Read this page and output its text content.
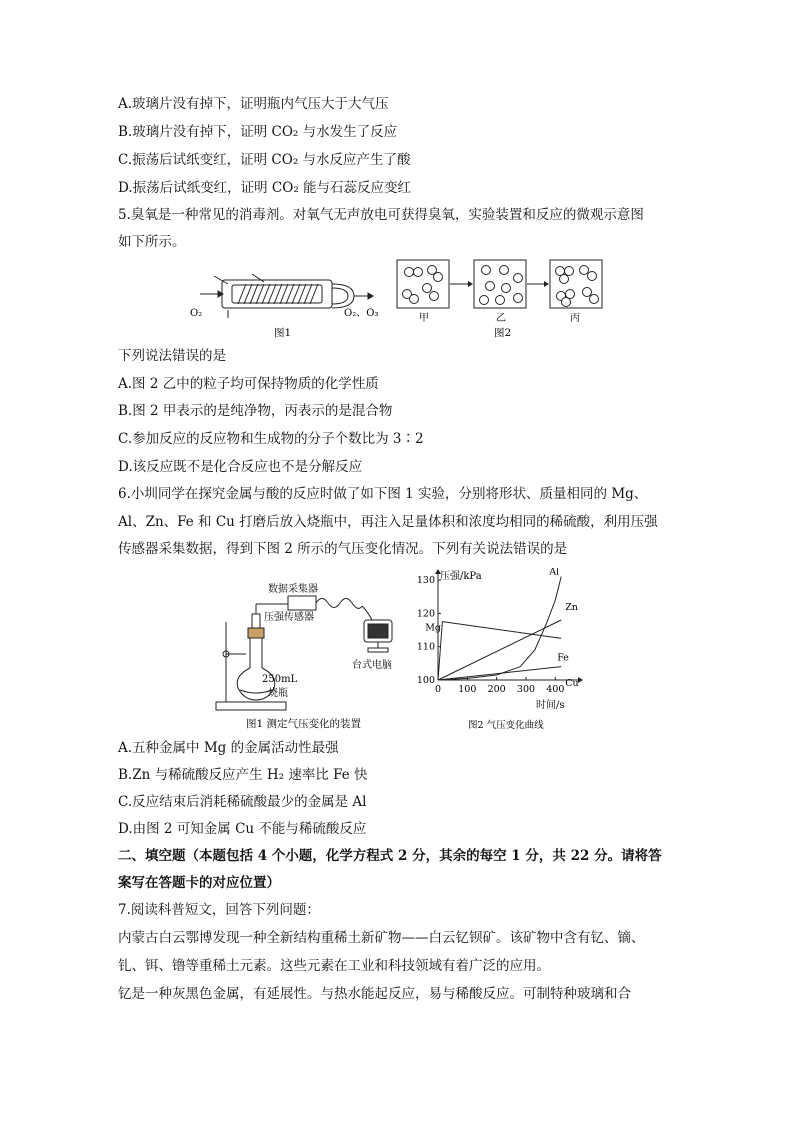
A.玻璃片没有掉下，证明瓶内气压大于大气压
B.玻璃片没有掉下，证明 CO₂ 与水发生了反应
C.振荡后试纸变红，证明 CO₂ 与水反应产生了酸
D.振荡后试纸变红，证明 CO₂ 能与石蕊反应变红
5.臭氧是一种常见的消毒剂。对氧气无声放电可获得臭氧，实验装置和反应的微观示意图
如下所示。
O₂	O₂、O₃
图1
甲	乙	丙
图2
下列说法错误的是
A.图 2 乙中的粒子均可保持物质的化学性质
B.图 2 甲表示的是纯净物，丙表示的是混合物
C.参加反应的反应物和生成物的分子个数比为 3∶2
D.该反应既不是化合反应也不是分解反应
6.小圳同学在探究金属与酸的反应时做了如下图 1 实验，分别将形状、质量相同的 Mg、
Al、Zn、Fe 和 Cu 打磨后放入烧瓶中，再注入足量体积和浓度均相同的稀硫酸，利用压强
传感器采集数据，得到下图 2 所示的气压变化情况。下列有关说法错误的是
数据采集器
压强传感器
台式电脑
250mL
烧瓶
图1 测定气压变化的装置
0 100 200 300 400
100
110
120
130
Al
Zn
Mg
Fe
Cu
压强/kPa
时间/s
图2 气压变化曲线
A.五种金属中 Mg 的金属活动性最强
B.Zn 与稀硫酸反应产生 H₂ 速率比 Fe 快
C.反应结束后消耗稀硫酸最少的金属是 Al
D.由图 2 可知金属 Cu 不能与稀硫酸反应
二、填空题（本题包括 4 个小题，化学方程式 2 分，其余的每空 1 分，共 22 分。请将答
案写在答题卡的对应位置）
7.阅读科普短文，回答下列问题：
内蒙古白云鄂博发现一种全新结构重稀土新矿物——白云钇钡矿。该矿物中含有钇、镝、
钆、铒、镥等重稀土元素。这些元素在工业和科技领域有着广泛的应用。
钇是一种灰黑色金属，有延展性。与热水能起反应，易与稀酸反应。可制特种玻璃和合
